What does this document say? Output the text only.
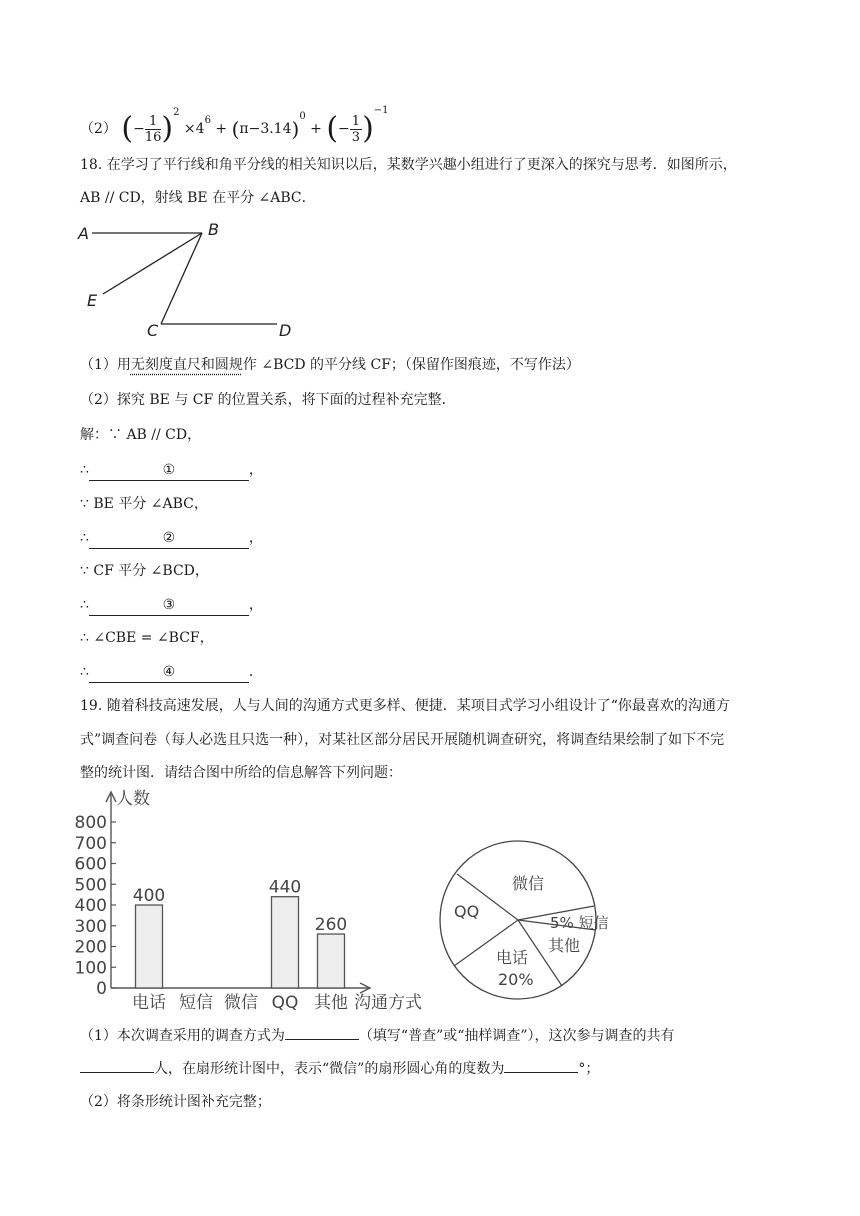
（2） (− $\frac{1}{16} )^2 \times 4^6 + (\pi-3.14)^0$ + (− $\frac{1}{3} )^{-1}$
18. 在学习了平行线和角平分线的相关知识以后，某数学兴趣小组进行了更深入的探究与思考．如图所示，
AB // CD，射线 BE 在平分 ∠ABC．
A	B
E
C	D
（1）用无刻度直尺和圆规作 ∠BCD 的平分线 CF；（保留作图痕迹，不写作法）
（2）探究 BE 与 CF 的位置关系，将下面的过程补充完整．
解：∵ AB // CD，
∴	①	，
∵ BE 平分 ∠ABC，
∴	②	，
∵ CF 平分 ∠BCD，
∴	③	，
∴ ∠CBE = ∠BCF，
∴	④	．
19. 随着科技高速发展，人与人间的沟通方式更多样、便捷．某项目式学习小组设计了“你最喜欢的沟通方
式”调查问卷（每人必选且只选一种），对某社区部分居民开展随机调查研究，将调查结果绘制了如下不完
整的统计图．请结合图中所给的信息解答下列问题：
0
100
200
300
400
500
600
700
800
400	440
260
电话 短信 微信 QQ 其他
人数
沟通方式
微信
5% 短信
其他
电话
20%
QQ
（1）本次调查采用的调查方式为	（填写“普查”或“抽样调查”），这次参与调查的共有
人，在扇形统计图中，表示“微信”的扇形圆心角的度数为	°；
（2）将条形统计图补充完整；
